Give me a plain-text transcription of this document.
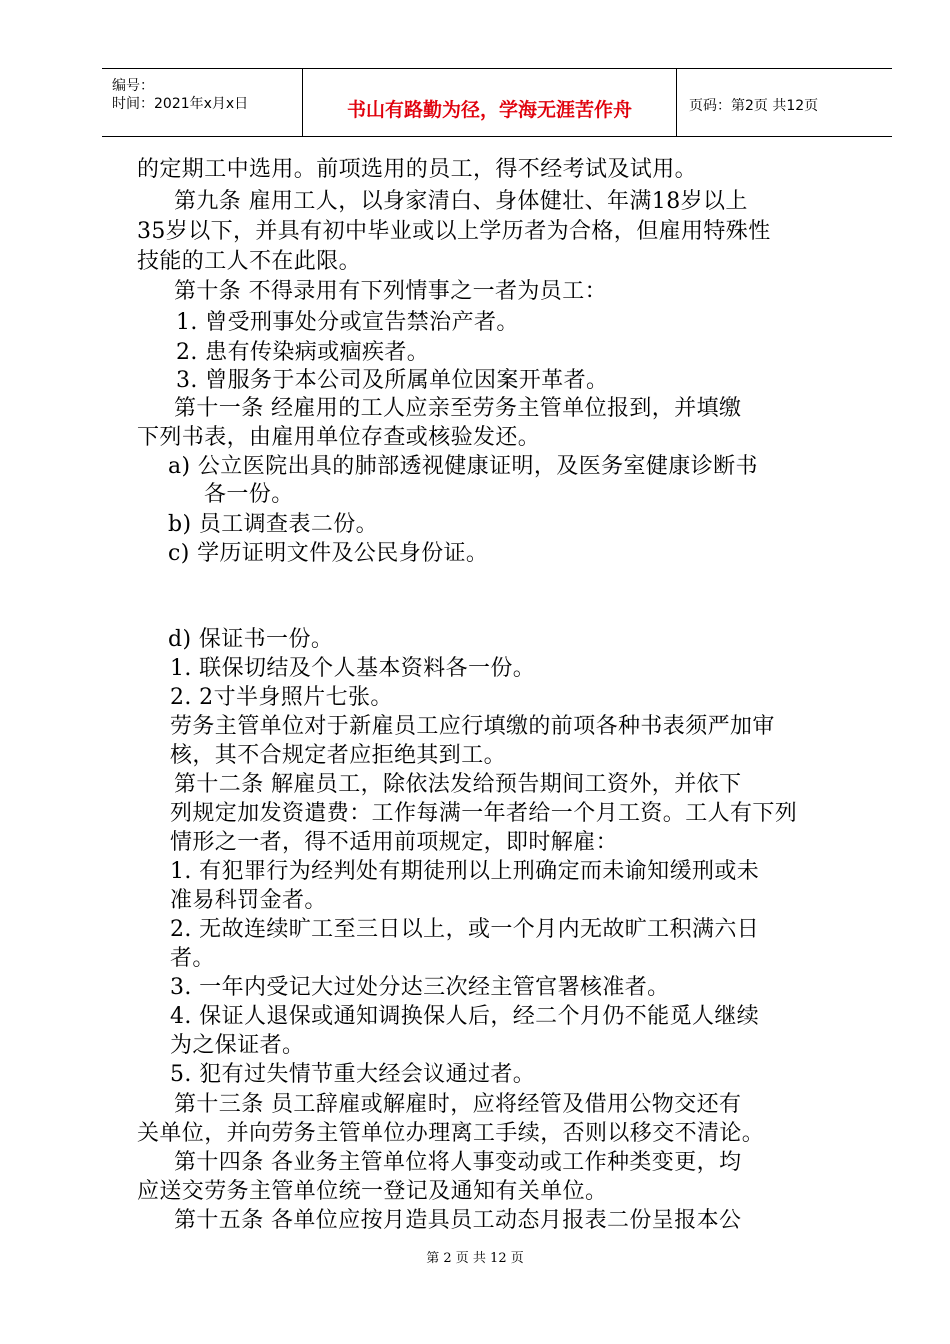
编号：
时间：2021年x月x日	书山有路勤为径，学海无涯苦作舟	页码：第2页 共12页
的定期工中选用。前项选用的员工，得不经考试及试用。
第九条 雇用工人，以身家清白、身体健壮、年满18岁以上
35岁以下，并具有初中毕业或以上学历者为合格，但雇用特殊性
技能的工人不在此限。
第十条 不得录用有下列情事之一者为员工：
1. 曾受刑事处分或宣告禁治产者。
2. 患有传染病或痼疾者。
3. 曾服务于本公司及所属单位因案开革者。
第十一条 经雇用的工人应亲至劳务主管单位报到，并填缴
下列书表，由雇用单位存查或核验发还。
a) 公立医院出具的肺部透视健康证明，及医务室健康诊断书
各一份。
b) 员工调查表二份。
c) 学历证明文件及公民身份证。
d) 保证书一份。
1. 联保切结及个人基本资料各一份。
2. 2寸半身照片七张。
劳务主管单位对于新雇员工应行填缴的前项各种书表须严加审
核，其不合规定者应拒绝其到工。
第十二条 解雇员工，除依法发给预告期间工资外，并依下
列规定加发资遣费：工作每满一年者给一个月工资。工人有下列
情形之一者，得不适用前项规定，即时解雇：
1. 有犯罪行为经判处有期徒刑以上刑确定而未谕知缓刑或未
准易科罚金者。
2. 无故连续旷工至三日以上，或一个月内无故旷工积满六日
者。
3. 一年内受记大过处分达三次经主管官署核准者。
4. 保证人退保或通知调换保人后，经二个月仍不能觅人继续
为之保证者。
5. 犯有过失情节重大经会议通过者。
第十三条 员工辞雇或解雇时，应将经管及借用公物交还有
关单位，并向劳务主管单位办理离工手续，否则以移交不清论。
第十四条 各业务主管单位将人事变动或工作种类变更，均
应送交劳务主管单位统一登记及通知有关单位。
第十五条 各单位应按月造具员工动态月报表二份呈报本公
第 2 页 共 12 页
